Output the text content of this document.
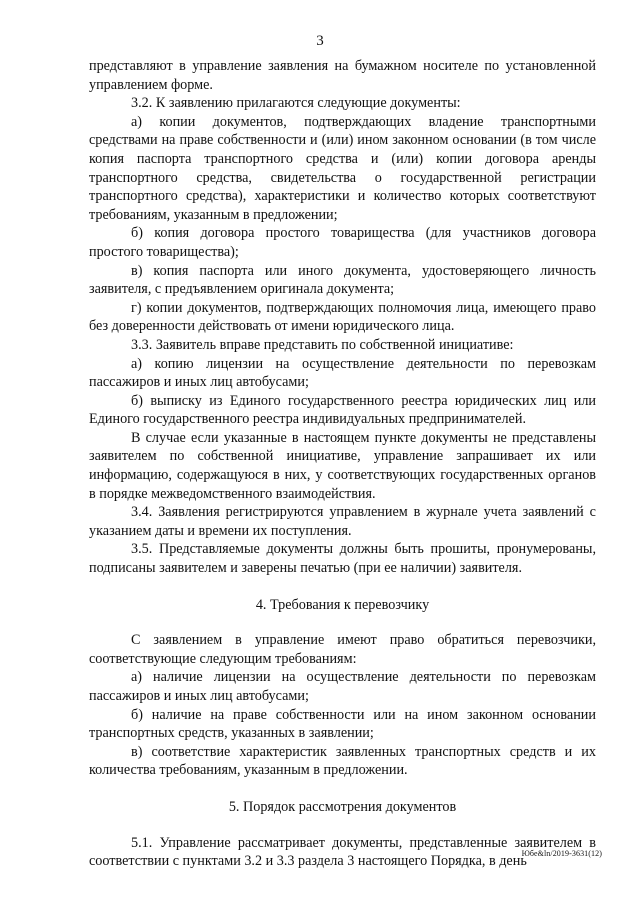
3

представляют в управление заявления на бумажном носителе по установленной управлением форме.

3.2. К заявлению прилагаются следующие документы:

а) копии документов, подтверждающих владение транспортными средствами на праве собственности и (или) ином законном основании (в том числе копия паспорта транспортного средства и (или) копии договора аренды транспортного средства, свидетельства о государственной регистрации транспортного средства), характеристики и количество которых соответствуют требованиям, указанным в предложении;

б) копия договора простого товарищества (для участников договора простого товарищества);

в) копия паспорта или иного документа, удостоверяющего личность заявителя, с предъявлением оригинала документа;

г) копии документов, подтверждающих полномочия лица, имеющего право без доверенности действовать от имени юридического лица.

3.3. Заявитель вправе представить по собственной инициативе:

а) копию лицензии на осуществление деятельности по перевозкам пассажиров и иных лиц автобусами;

б) выписку из Единого государственного реестра юридических лиц или Единого государственного реестра индивидуальных предпринимателей.

В случае если указанные в настоящем пункте документы не представлены заявителем по собственной инициативе, управление запрашивает их или информацию, содержащуюся в них, у соответствующих государственных органов в порядке межведомственного взаимодействия.

3.4. Заявления регистрируются управлением в журнале учета заявлений с указанием даты и времени их поступления.

3.5. Представляемые документы должны быть прошиты, пронумерованы, подписаны заявителем и заверены печатью (при ее наличии) заявителя.

4. Требования к перевозчику

С заявлением в управление имеют право обратиться перевозчики, соответствующие следующим требованиям:

а) наличие лицензии на осуществление деятельности по перевозкам пассажиров и иных лиц автобусами;

б) наличие на праве собственности или на ином законном основании транспортных средств, указанных в заявлении;

в) соответствие характеристик заявленных транспортных средств и их количества требованиям, указанным в предложении.

5. Порядок рассмотрения документов

5.1. Управление рассматривает документы, представленные заявителем в соответствии с пунктами 3.2 и 3.3 раздела 3 настоящего Порядка, в день

Юбе&ln/2019-3631(12)
